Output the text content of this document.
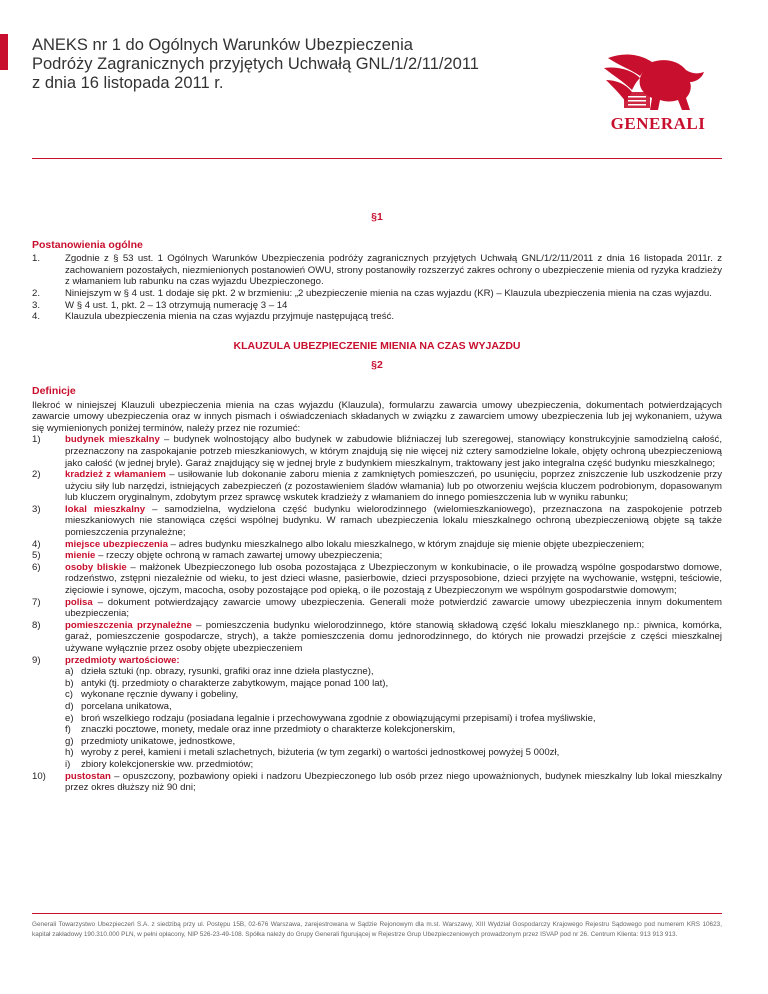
ANEKS nr 1 do Ogólnych Warunków Ubezpieczenia
Podróży Zagranicznych przyjętych Uchwałą GNL/1/2/11/2011
z dnia 16 listopada 2011 r.
GENERALI
§1
Postanowienia ogólne
1.	Zgodnie z § 53 ust. 1 Ogólnych Warunków Ubezpieczenia podróży zagranicznych przyjętych Uchwałą GNL/1/2/11/2011 z dnia 16 listopada 2011r. z zachowaniem pozostałych, niezmienionych postanowień OWU, strony postanowiły rozszerzyć zakres ochrony o ubezpieczenie mienia od ryzyka kradzieży z włamaniem lub rabunku na czas wyjazdu Ubezpieczonego.
2.	Niniejszym w § 4 ust. 1 dodaje się pkt. 2 w brzmieniu: „2 ubezpieczenie mienia na czas wyjazdu (KR) – Klauzula ubezpieczenia mienia na czas wyjazdu.
3.	W § 4 ust. 1, pkt. 2 – 13 otrzymują numerację 3 – 14
4.	Klauzula ubezpieczenia mienia na czas wyjazdu przyjmuje następującą treść.
KLAUZULA UBEZPIECZENIE MIENIA NA CZAS WYJAZDU
§2
Definicje
Ilekroć w niniejszej Klauzuli ubezpieczenia mienia na czas wyjazdu (Klauzula), formularzu zawarcia umowy ubezpieczenia, dokumentach potwierdzających zawarcie umowy ubezpieczenia oraz w innych pismach i oświadczeniach składanych w związku z zawarciem umowy ubezpieczenia lub jej wykonaniem, używa się wymienionych poniżej terminów, należy przez nie rozumieć:
1)	budynek mieszkalny – budynek wolnostojący albo budynek w zabudowie bliźniaczej lub szeregowej, stanowiący konstrukcyjnie samodzielną całość, przeznaczony na zaspokajanie potrzeb mieszkaniowych, w którym znajdują się nie więcej niż cztery samodzielne lokale, objęty ochroną ubezpieczeniową jako całość (w jednej bryle). Garaż znajdujący się w jednej bryle z budynkiem mieszkalnym, traktowany jest jako integralna część budynku mieszkalnego;
2)	kradzież z włamaniem – usiłowanie lub dokonanie zaboru mienia z zamkniętych pomieszczeń, po usunięciu, poprzez zniszczenie lub uszkodzenie przy użyciu siły lub narzędzi, istniejących zabezpieczeń (z pozostawieniem śladów włamania) lub po otworzeniu wejścia kluczem podrobionym, dopasowanym lub kluczem oryginalnym, zdobytym przez sprawcę wskutek kradzieży z włamaniem do innego pomieszczenia lub w wyniku rabunku;
3)	lokal mieszkalny – samodzielna, wydzielona część budynku wielorodzinnego (wielomieszkaniowego), przeznaczona na zaspokojenie potrzeb mieszkaniowych nie stanowiąca części wspólnej budynku. W ramach ubezpieczenia lokalu mieszkalnego ochroną ubezpieczeniową objęte są także pomieszczenia przynależne;
4)	miejsce ubezpieczenia – adres budynku mieszkalnego albo lokalu mieszkalnego, w którym znajduje się mienie objęte ubezpieczeniem;
5)	mienie – rzeczy objęte ochroną w ramach zawartej umowy ubezpieczenia;
6)	osoby bliskie – małżonek Ubezpieczonego lub osoba pozostająca z Ubezpieczonym w konkubinacie, o ile prowadzą wspólne gospodarstwo domowe, rodzeństwo, zstępni niezależnie od wieku, to jest dzieci własne, pasierbowie, dzieci przysposobione, dzieci przyjęte na wychowanie, wstępni, teściowie, zięciowie i synowe, ojczym, macocha, osoby pozostające pod opieką, o ile pozostają z Ubezpieczonym we wspólnym gospodarstwie domowym;
7)	polisa – dokument potwierdzający zawarcie umowy ubezpieczenia. Generali może potwierdzić zawarcie umowy ubezpieczenia innym dokumentem ubezpieczenia;
8)	pomieszczenia przynależne – pomieszczenia budynku wielorodzinnego, które stanowią składową część lokalu mieszklanego np.: piwnica, komórka, garaż, pomieszczenie gospodarcze, strych), a także pomieszczenia domu jednorodzinnego, do których nie prowadzi przejście z części mieszkalnej używane wyłącznie przez osoby objęte ubezpieczeniem
9)	przedmioty wartościowe:
a) dzieła sztuki (np. obrazy, rysunki, grafiki oraz inne dzieła plastyczne),
b) antyki (tj. przedmioty o charakterze zabytkowym, mające ponad 100 lat),
c) wykonane ręcznie dywany i gobeliny,
d) porcelana unikatowa,
e) broń wszelkiego rodzaju (posiadana legalnie i przechowywana zgodnie z obowiązującymi przepisami) i trofea myśliwskie,
f)	znaczki pocztowe, monety, medale oraz inne przedmioty o charakterze kolekcjonerskim,
g) przedmioty unikatowe, jednostkowe,
h) wyroby z pereł, kamieni i metali szlachetnych, biżuteria (w tym zegarki) o wartości jednostkowej powyżej 5 000zł,
i)	zbiory kolekcjonerskie ww. przedmiotów;
10)	pustostan – opuszczony, pozbawiony opieki i nadzoru Ubezpieczonego lub osób przez niego upoważnionych, budynek mieszkalny lub lokal mieszkalny przez okres dłuższy niż 90 dni;
Generali Towarzystwo Ubezpieczeń S.A. z siedzibą przy ul. Postępu 15B, 02-676 Warszawa, zarejestrowana w Sądzie Rejonowym dla m.st. Warszawy, XIII Wydział Gospodarczy Krajowego Rejestru Sądowego pod numerem KRS 10623, kapitał zakładowy 190.310.000 PLN, w pełni opłacony, NIP 526-23-49-108. Spółka należy do Grupy Generali figurującej w Rejestrze Grup Ubezpieczeniowych prowadzonym przez ISVAP pod nr 26. Centrum Klienta: 913 913 913.
